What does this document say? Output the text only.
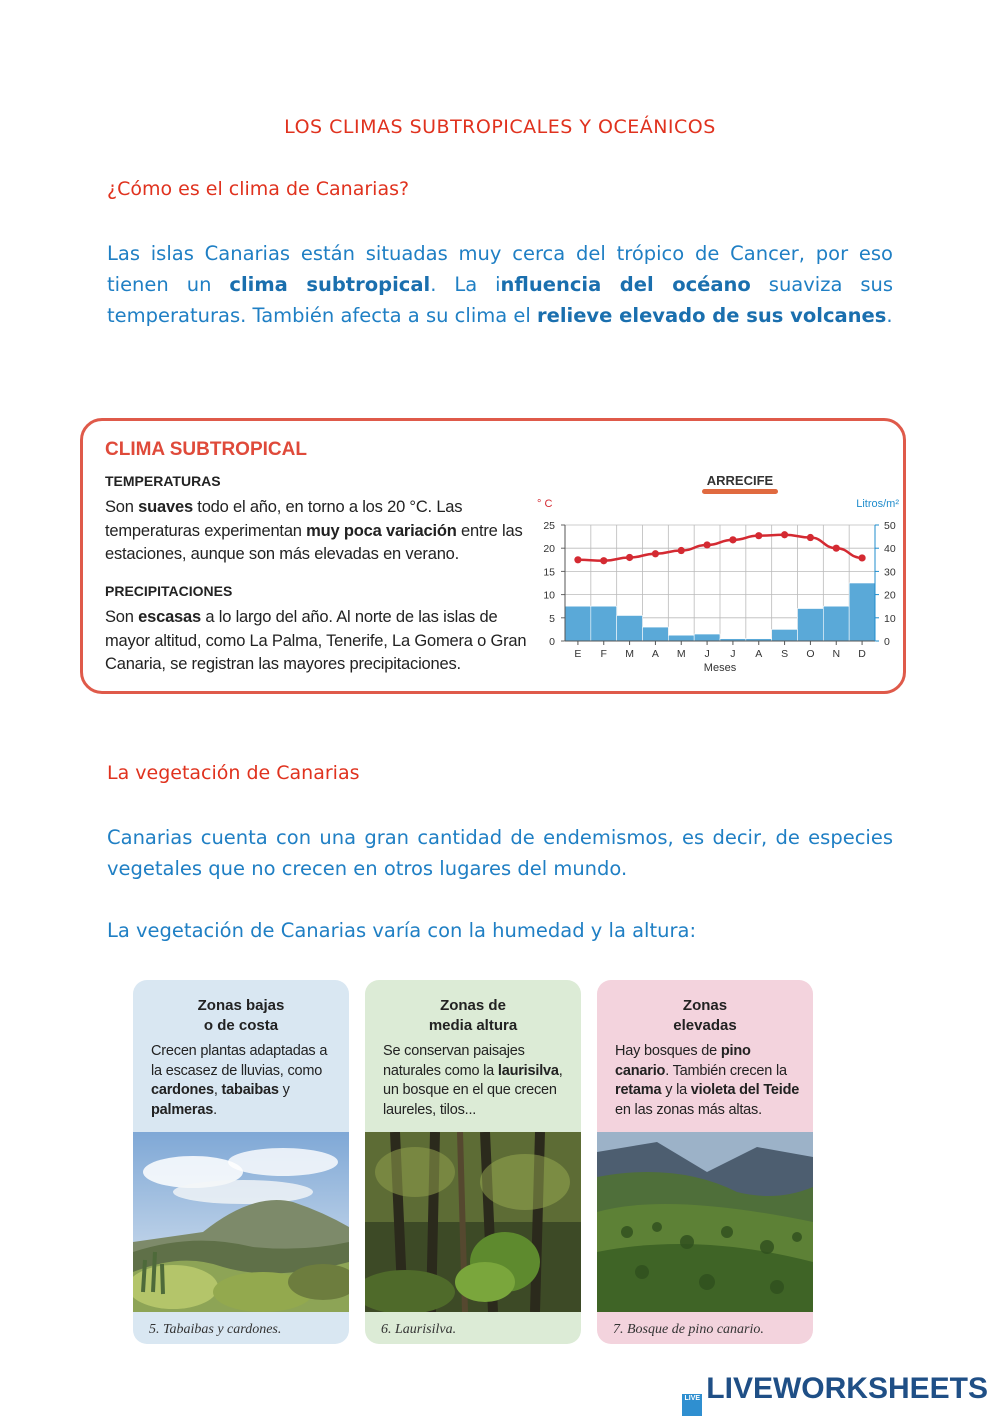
LOS CLIMAS SUBTROPICALES Y OCEÁNICOS
¿Cómo es el clima de Canarias?
Las islas Canarias están situadas muy cerca del trópico de Cancer, por eso tienen un clima subtropical. La influencia del océano suaviza sus temperaturas. También afecta a su clima el relieve elevado de sus volcanes.
CLIMA SUBTROPICAL
TEMPERATURAS
Son suaves todo el año, en torno a los 20 °C. Las temperaturas experimentan muy poca variación entre las estaciones, aunque son más elevadas en verano.
PRECIPITACIONES
Son escasas a lo largo del año. Al norte de las islas de mayor altitud, como La Palma, Tenerife, La Gomera o Gran Canaria, se registran las mayores precipitaciones.
ARRECIFE
° C	Litros/m²
0
5
10
15
20
25
0
10
20
30
40
50
E F M A M J J A S O N D
Meses
La vegetación de Canarias
Canarias cuenta con una gran cantidad de endemismos, es decir, de especies vegetales que no crecen en otros lugares del mundo.
La vegetación de Canarias varía con la humedad y la altura:
Zonas bajas
o de costa
Crecen plantas adaptadas a la escasez de lluvias, como cardones, tabaibas y palmeras.
5. Tabaibas y cardones.
Zonas de
media altura
Se conservan paisajes naturales como la laurisilva, un bosque en el que crecen laureles, tilos...
6. Laurisilva.
Zonas
elevadas
Hay bosques de pino canario. También crecen la retama y la violeta del Teide en las zonas más altas.
7. Bosque de pino canario.
LIVE LIVEWORKSHEETS
